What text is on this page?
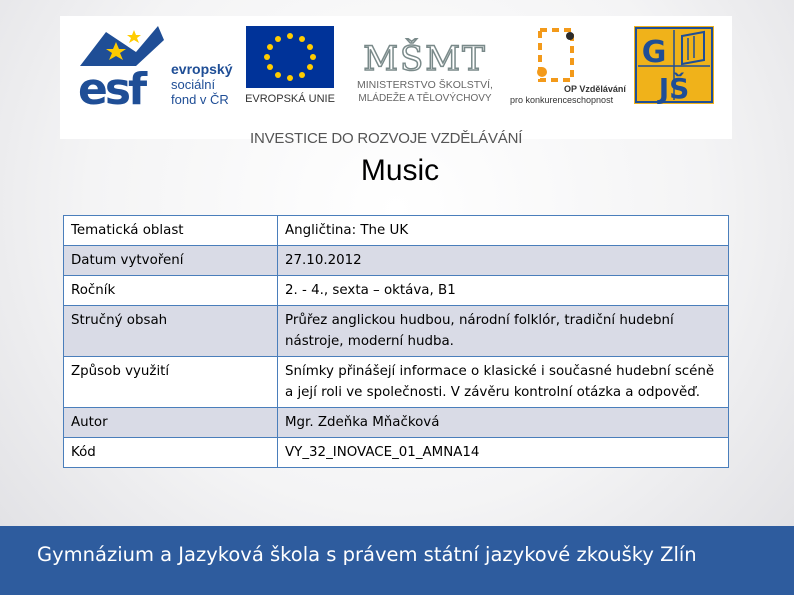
esf evropský
sociální
fond v ČR EVROPSKÁ UNIE
MŠMT
MINISTERSTVO ŠKOLSTVÍ,
MLÁDEŽE A TĚLOVÝCHOVY
OP Vzdělávání
pro konkurenceschopnost
G
JŠ
INVESTICE DO ROZVOJE VZDĚLÁVÁNÍ
Music
Tematická oblast	Angličtina: The UK
Datum vytvoření	27.10.2012
Ročník	2. - 4., sexta – oktáva, B1
Stručný obsah	Průřez anglickou hudbou, národní folklór, tradiční hudební nástroje, moderní hudba.
Způsob využití	Snímky přinášejí informace o klasické i současné hudební scéně a její roli ve společnosti. V závěru kontrolní otázka a odpověď.
Autor	Mgr. Zdeňka Mňačková
Kód	VY_32_INOVACE_01_AMNA14
Gymnázium a Jazyková škola s právem státní jazykové zkoušky Zlín
